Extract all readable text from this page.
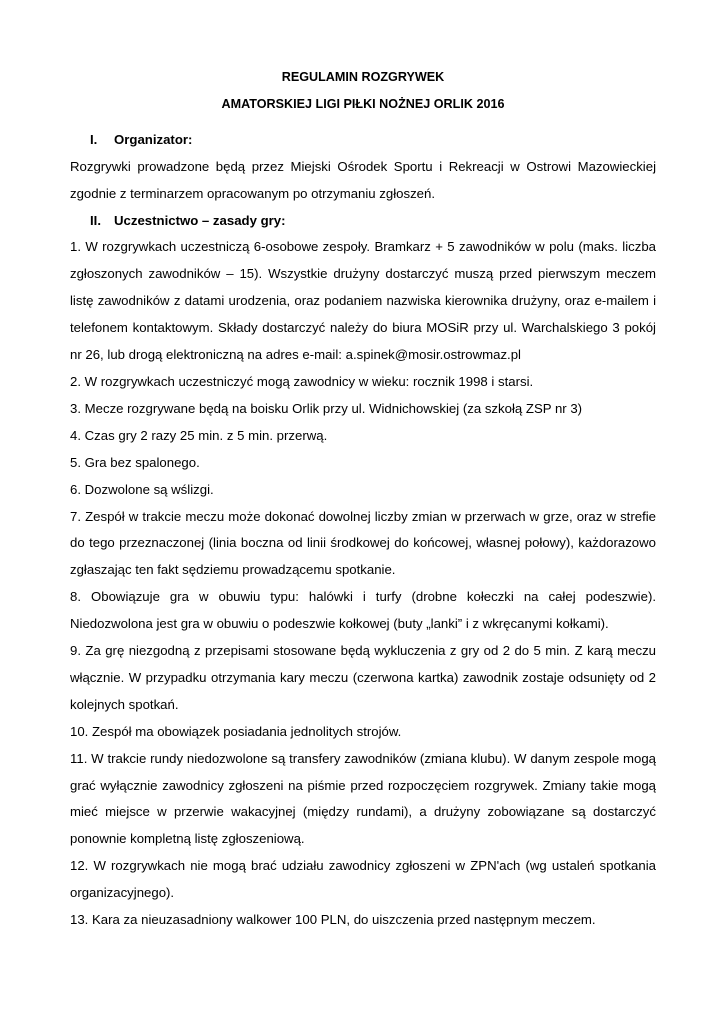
REGULAMIN ROZGRYWEK
AMATORSKIEJ LIGI PIŁKI NOŻNEJ ORLIK 2016
I. Organizator:

Rozgrywki prowadzone będą przez Miejski Ośrodek Sportu i Rekreacji w Ostrowi Mazowieckiej zgodnie z terminarzem opracowanym po otrzymaniu zgłoszeń.

II. Uczestnictwo – zasady gry:

1. W rozgrywkach uczestniczą 6-osobowe zespoły. Bramkarz + 5 zawodników w polu (maks. liczba zgłoszonych zawodników – 15). Wszystkie drużyny dostarczyć muszą przed pierwszym meczem listę zawodników z datami urodzenia, oraz podaniem nazwiska kierownika drużyny, oraz e-mailem i telefonem kontaktowym. Składy dostarczyć należy do biura MOSiR przy ul. Warchalskiego 3 pokój nr 26, lub drogą elektroniczną na adres e-mail: a.spinek@mosir.ostrowmaz.pl

2. W rozgrywkach uczestniczyć mogą zawodnicy w wieku: rocznik 1998 i starsi.

3. Mecze rozgrywane będą na boisku Orlik przy ul. Widnichowskiej (za szkołą ZSP nr 3)

4. Czas gry 2 razy 25 min. z 5 min. przerwą.

5. Gra bez spalonego.

6. Dozwolone są wślizgi.

7. Zespół w trakcie meczu może dokonać dowolnej liczby zmian w przerwach w grze, oraz w strefie do tego przeznaczonej (linia boczna od linii środkowej do końcowej, własnej połowy), każdorazowo zgłaszając ten fakt sędziemu prowadzącemu spotkanie.

8. Obowiązuje gra w obuwiu typu: halówki i turfy (drobne kołeczki na całej podeszwie). Niedozwolona jest gra w obuwiu o podeszwie kołkowej (buty „lanki” i z wkręcanymi kołkami).

9. Za grę niezgodną z przepisami stosowane będą wykluczenia z gry od 2 do 5 min. Z karą meczu włącznie. W przypadku otrzymania kary meczu (czerwona kartka) zawodnik zostaje odsunięty od 2 kolejnych spotkań.

10. Zespół ma obowiązek posiadania jednolitych strojów.

11. W trakcie rundy niedozwolone są transfery zawodników (zmiana klubu). W danym zespole mogą grać wyłącznie zawodnicy zgłoszeni na piśmie przed rozpoczęciem rozgrywek. Zmiany takie mogą mieć miejsce w przerwie wakacyjnej (między rundami), a drużyny zobowiązane są dostarczyć ponownie kompletną listę zgłoszeniową.

12. W rozgrywkach nie mogą brać udziału zawodnicy zgłoszeni w ZPN'ach (wg ustaleń spotkania organizacyjnego).

13. Kara za nieuzasadniony walkower 100 PLN, do uiszczenia przed następnym meczem.
